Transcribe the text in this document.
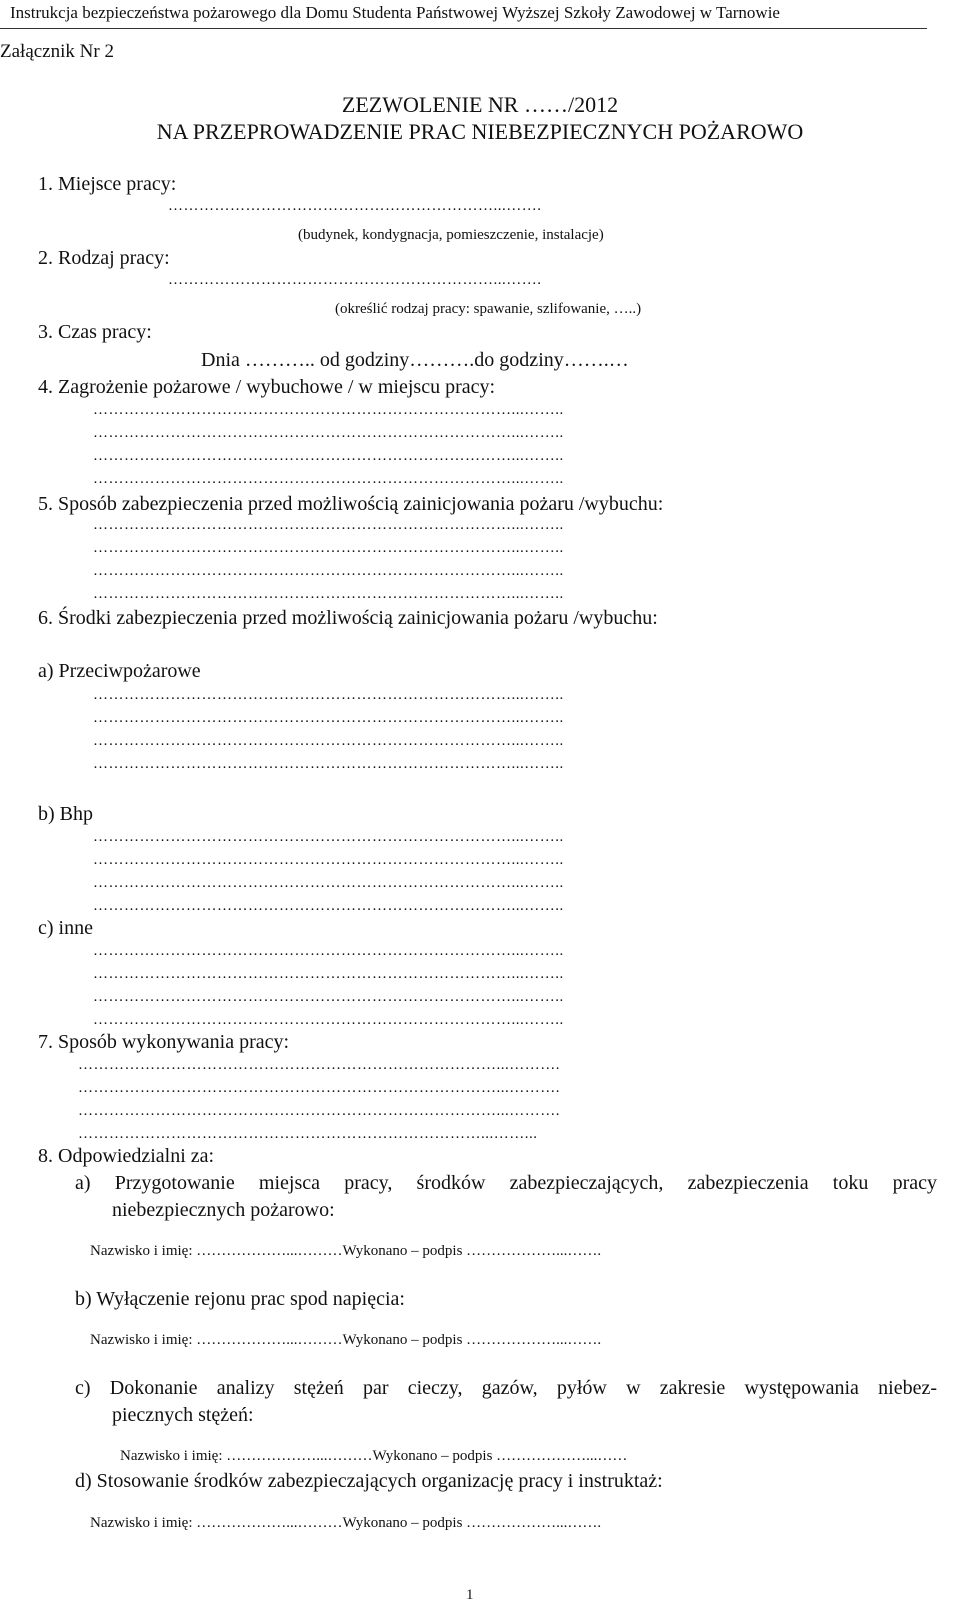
Instrukcja bezpieczeństwa pożarowego dla Domu Studenta Państwowej Wyższej Szkoły Zawodowej w Tarnowie
Załącznik Nr 2
ZEZWOLENIE NR ……/2012
NA PRZEPROWADZENIE PRAC NIEBEZPIECZNYCH POŻAROWO
1. Miejsce pracy:
………………………………………………………...…….
(budynek, kondygnacja, pomieszczenie, instalacje)
2. Rodzaj pracy:
………………………………………………………...…….
(określić rodzaj pracy: spawanie, szlifowanie, …..)
3. Czas pracy:
Dnia ……….. od godziny……….do godziny…….…
4. Zagrożenie pożarowe / wybuchowe / w miejscu pracy:
………………………………………………………………………...……..
………………………………………………………………………...……..
………………………………………………………………………...……..
………………………………………………………………………...……..
5. Sposób zabezpieczenia przed możliwością zainicjowania pożaru /wybuchu:
………………………………………………………………………...……..
………………………………………………………………………...……..
………………………………………………………………………...……..
………………………………………………………………………...……..
6. Środki zabezpieczenia przed możliwością zainicjowania pożaru /wybuchu:
a) Przeciwpożarowe
………………………………………………………………………...……..
………………………………………………………………………...……..
………………………………………………………………………...……..
………………………………………………………………………...……..
b) Bhp
………………………………………………………………………...……..
………………………………………………………………………...……..
………………………………………………………………………...……..
………………………………………………………………………...……..
c) inne
………………………………………………………………………...……..
………………………………………………………………………...……..
………………………………………………………………………...……..
………………………………………………………………………...……..
7. Sposób wykonywania pracy:
………………………………………………………………………...……….
………………………………………………………………………...……….
………………………………………………………………………...……….
……………………………………………………………………...……...
8. Odpowiedzialni za:
a) Przygotowanie miejsca pracy, środków zabezpieczających, zabezpieczenia toku pracy
niebezpiecznych pożarowo:
Nazwisko i imię: ………………...………Wykonano – podpis ………………...…….
b) Wyłączenie rejonu prac spod napięcia:
Nazwisko i imię: ………………...………Wykonano – podpis ………………...…….
c) Dokonanie analizy stężeń par cieczy, gazów, pyłów w zakresie występowania niebez-
piecznych stężeń:
Nazwisko i imię: ………………...………Wykonano – podpis ………………...……
d) Stosowanie środków zabezpieczających organizację pracy i instruktaż:
Nazwisko i imię: ………………...………Wykonano – podpis ………………...…….
1
